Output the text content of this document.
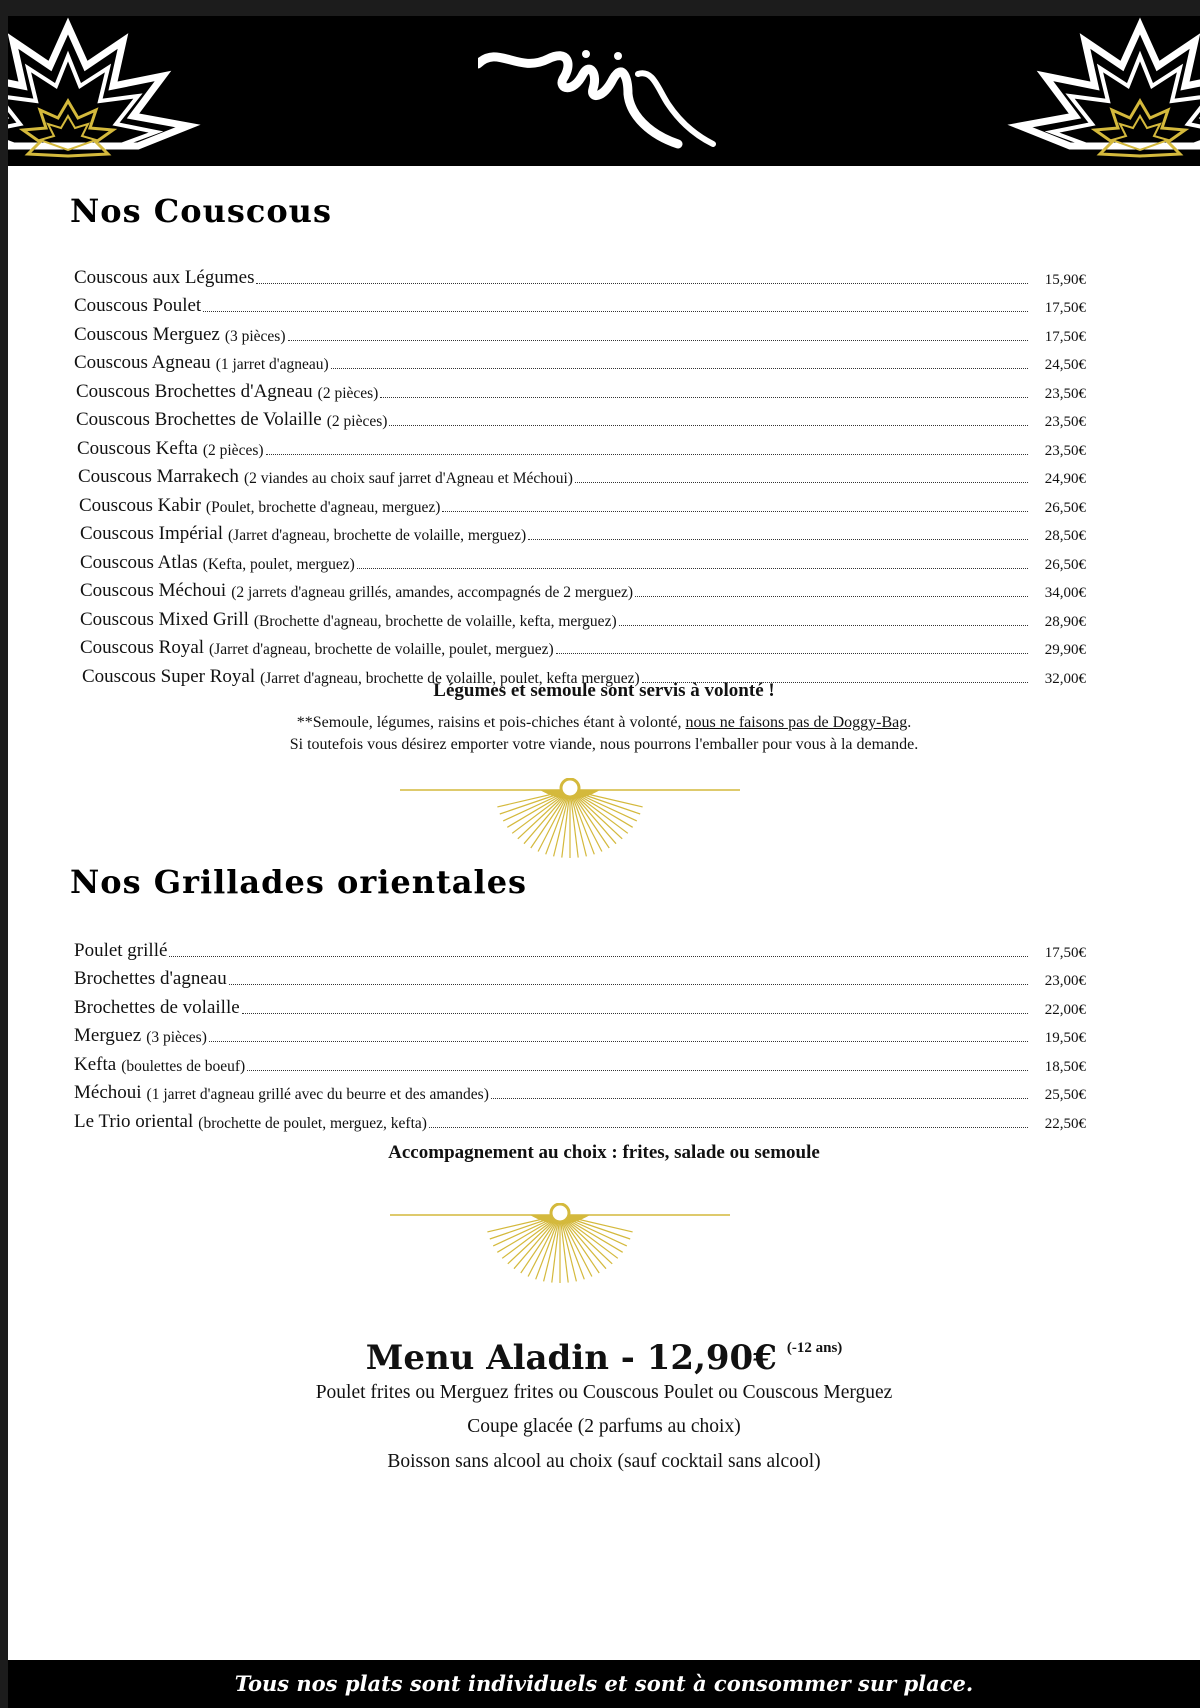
Nos Couscous
Couscous aux Légumes	15,90€
Couscous Poulet	17,50€
Couscous Merguez (3 pièces)	17,50€
Couscous Agneau (1 jarret d'agneau)	24,50€
Couscous Brochettes d'Agneau (2 pièces)	23,50€
Couscous Brochettes de Volaille (2 pièces)	23,50€
Couscous Kefta (2 pièces)	23,50€
Couscous Marrakech (2 viandes au choix sauf jarret d'Agneau et Méchoui)	24,90€
Couscous Kabir (Poulet, brochette d'agneau, merguez)	26,50€
Couscous Impérial (Jarret d'agneau, brochette de volaille, merguez)	28,50€
Couscous Atlas (Kefta, poulet, merguez)	26,50€
Couscous Méchoui (2 jarrets d'agneau grillés, amandes, accompagnés de 2 merguez)	34,00€
Couscous Mixed Grill (Brochette d'agneau, brochette de volaille, kefta, merguez)	28,90€
Couscous Royal (Jarret d'agneau, brochette de volaille, poulet, merguez)	29,90€
Couscous Super Royal (Jarret d'agneau, brochette de volaille, poulet, kefta merguez)	32,00€
Légumes et semoule sont servis à volonté !
**Semoule, légumes, raisins et pois-chiches étant à volonté, nous ne faisons pas de Doggy-Bag.
Si toutefois vous désirez emporter votre viande, nous pourrons l'emballer pour vous à la demande.
Nos Grillades orientales
Poulet grillé	17,50€
Brochettes d'agneau	23,00€
Brochettes de volaille	22,00€
Merguez (3 pièces)	19,50€
Kefta (boulettes de boeuf)	18,50€
Méchoui (1 jarret d'agneau grillé avec du beurre et des amandes)	25,50€
Le Trio oriental (brochette de poulet, merguez, kefta)	22,50€
Accompagnement au choix : frites, salade ou semoule
Menu Aladin - 12,90€ (-12 ans)
Poulet frites ou Merguez frites ou Couscous Poulet ou Couscous Merguez
Coupe glacée (2 parfums au choix)
Boisson sans alcool au choix (sauf cocktail sans alcool)
Tous nos plats sont individuels et sont à consommer sur place.
